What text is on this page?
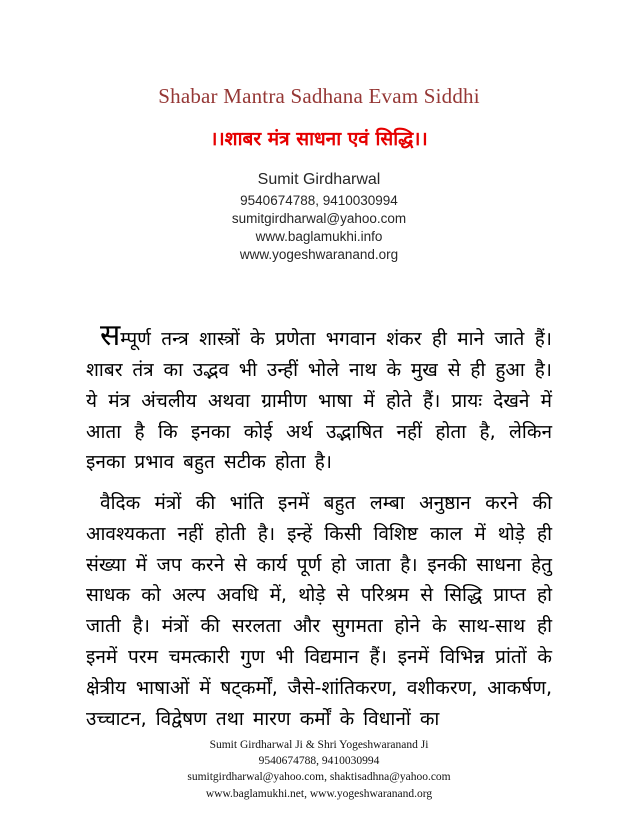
Shabar Mantra Sadhana Evam Siddhi
।।शाबर मंत्र साधना एवं सिद्धि।।
Sumit Girdharwal
9540674788, 9410030994
sumitgirdharwal@yahoo.com
www.baglamukhi.info
www.yogeshwaranand.org

सम्पूर्ण तन्त्र शास्त्रों के प्रणेता भगवान शंकर ही माने जाते हैं। शाबर तंत्र का उद्भव भी उन्हीं भोले नाथ के मुख से ही हुआ है। ये मंत्र अंचलीय अथवा ग्रामीण भाषा में होते हैं। प्रायः देखने में आता है कि इनका कोई अर्थ उद्भाषित नहीं होता है, लेकिन इनका प्रभाव बहुत सटीक होता है।

वैदिक मंत्रों की भांति इनमें बहुत लम्बा अनुष्ठान करने की आवश्यकता नहीं होती है। इन्हें किसी विशिष्ट काल में थोड़े ही संख्या में जप करने से कार्य पूर्ण हो जाता है। इनकी साधना हेतु साधक को अल्प अवधि में, थोड़े से परिश्रम से सिद्धि प्राप्त हो जाती है। मंत्रों की सरलता और सुगमता होने के साथ-साथ ही इनमें परम चमत्कारी गुण भी विद्यमान हैं। इनमें विभिन्न प्रांतों के क्षेत्रीय भाषाओं में षट्कर्मों, जैसे-शांतिकरण, वशीकरण, आकर्षण, उच्चाटन, विद्वेषण तथा मारण कर्मों के विधानों का

Sumit Girdharwal Ji & Shri Yogeshwaranand Ji
9540674788, 9410030994
sumitgirdharwal@yahoo.com, shaktisadhna@yahoo.com
www.baglamukhi.net, www.yogeshwaranand.org
